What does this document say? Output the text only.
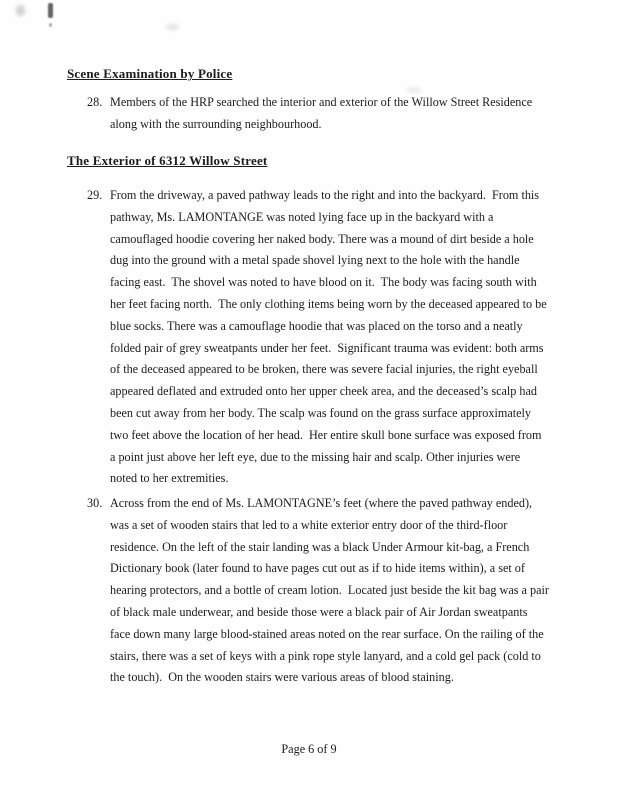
Scene Examination by Police
28. Members of the HRP searched the interior and exterior of the Willow Street Residence
along with the surrounding neighbourhood.
The Exterior of 6312 Willow Street
29. From the driveway, a paved pathway leads to the right and into the backyard.  From this
pathway, Ms. LAMONTANGE was noted lying face up in the backyard with a
camouflaged hoodie covering her naked body. There was a mound of dirt beside a hole
dug into the ground with a metal spade shovel lying next to the hole with the handle
facing east.  The shovel was noted to have blood on it.  The body was facing south with
her feet facing north.  The only clothing items being worn by the deceased appeared to be
blue socks. There was a camouflage hoodie that was placed on the torso and a neatly
folded pair of grey sweatpants under her feet.  Significant trauma was evident: both arms
of the deceased appeared to be broken, there was severe facial injuries, the right eyeball
appeared deflated and extruded onto her upper cheek area, and the deceased’s scalp had
been cut away from her body. The scalp was found on the grass surface approximately
two feet above the location of her head.  Her entire skull bone surface was exposed from
a point just above her left eye, due to the missing hair and scalp. Other injuries were
noted to her extremities.
30. Across from the end of Ms. LAMONTAGNE’s feet (where the paved pathway ended),
was a set of wooden stairs that led to a white exterior entry door of the third-floor
residence. On the left of the stair landing was a black Under Armour kit-bag, a French
Dictionary book (later found to have pages cut out as if to hide items within), a set of
hearing protectors, and a bottle of cream lotion.  Located just beside the kit bag was a pair
of black male underwear, and beside those were a black pair of Air Jordan sweatpants
face down many large blood-stained areas noted on the rear surface. On the railing of the
stairs, there was a set of keys with a pink rope style lanyard, and a cold gel pack (cold to
the touch).  On the wooden stairs were various areas of blood staining.
Page 6 of 9
